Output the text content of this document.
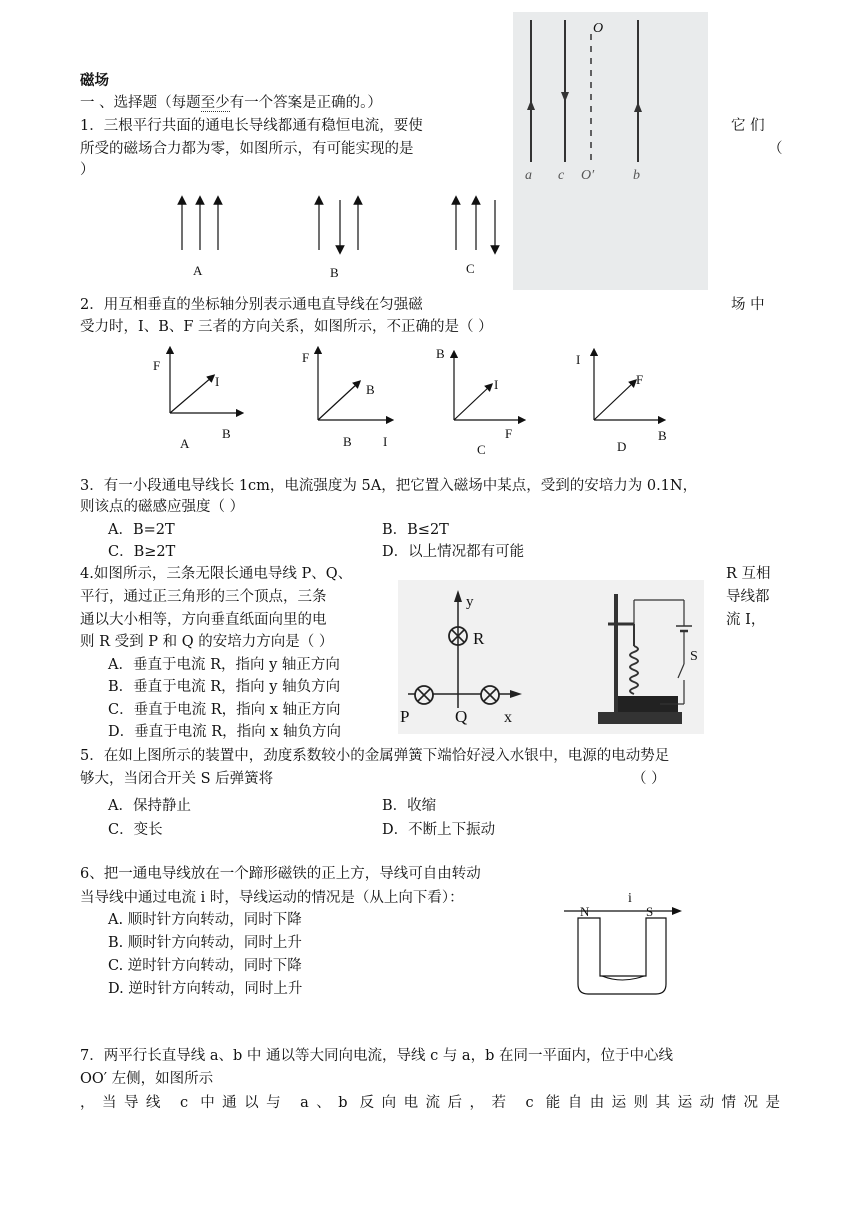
磁场
一 、选择题（每题至少有一个答案是正确的。）
1．三根平行共面的通电长导线都通有稳恒电流，要使	它 们
所受的磁场合力都为零，如图所示，有可能实现的是	（
）
A	B	C
O
a c O′	b
2．用互相垂直的坐标轴分别表示通电直导线在匀强磁	场 中
受力时，I、B、F 三者的方向关系，如图所示，不正确的是（ ）
F
I
B
A
F
B
I
B
B
I
F
C
I
F
B
D
3．有一小段通电导线长 1cm，电流强度为 5A，把它置入磁场中某点，受到的安培力为 0.1N，
则该点的磁感应强度（ ）
A．B=2T	B．B≤2T
C．B≥2T	D．以上情况都有可能
4.如图所示，三条无限长通电导线 P、Q、	R 互相
平行，通过正三角形的三个顶点，三条	导线都
通以大小相等，方向垂直纸面向里的电	流 I，
则 R 受到 P 和 Q 的安培力方向是（ ）
A．垂直于电流 R，指向 y 轴正方向
B．垂直于电流 R，指向 y 轴负方向
C．垂直于电流 R，指向 x 轴正方向
D．垂直于电流 R，指向 x 轴负方向
y
x
R
P	Q
S
5．在如上图所示的装置中，劲度系数较小的金属弹簧下端恰好浸入水银中，电源的电动势足
够大，当闭合开关 S 后弹簧将	（ ）
A．保持静止	B．收缩
C．变长	D．不断上下振动
6、把一通电导线放在一个蹄形磁铁的正上方，导线可自由转动
当导线中通过电流 i 时，导线运动的情况是（从上向下看）：
A. 顺时针方向转动，同时下降
B. 顺时针方向转动，同时上升
C. 逆时针方向转动，同时下降
D. 逆时针方向转动，同时上升
i
N	S
7．两平行长直导线 a、b 中 通以等大同向电流，导线 c 与 a，b 在同一平面内，位于中心线
OO′ 左侧，如图所示
，当导线 c 中通以与 a、b 反向电流后，若 c 能自由运则其运动情况是
